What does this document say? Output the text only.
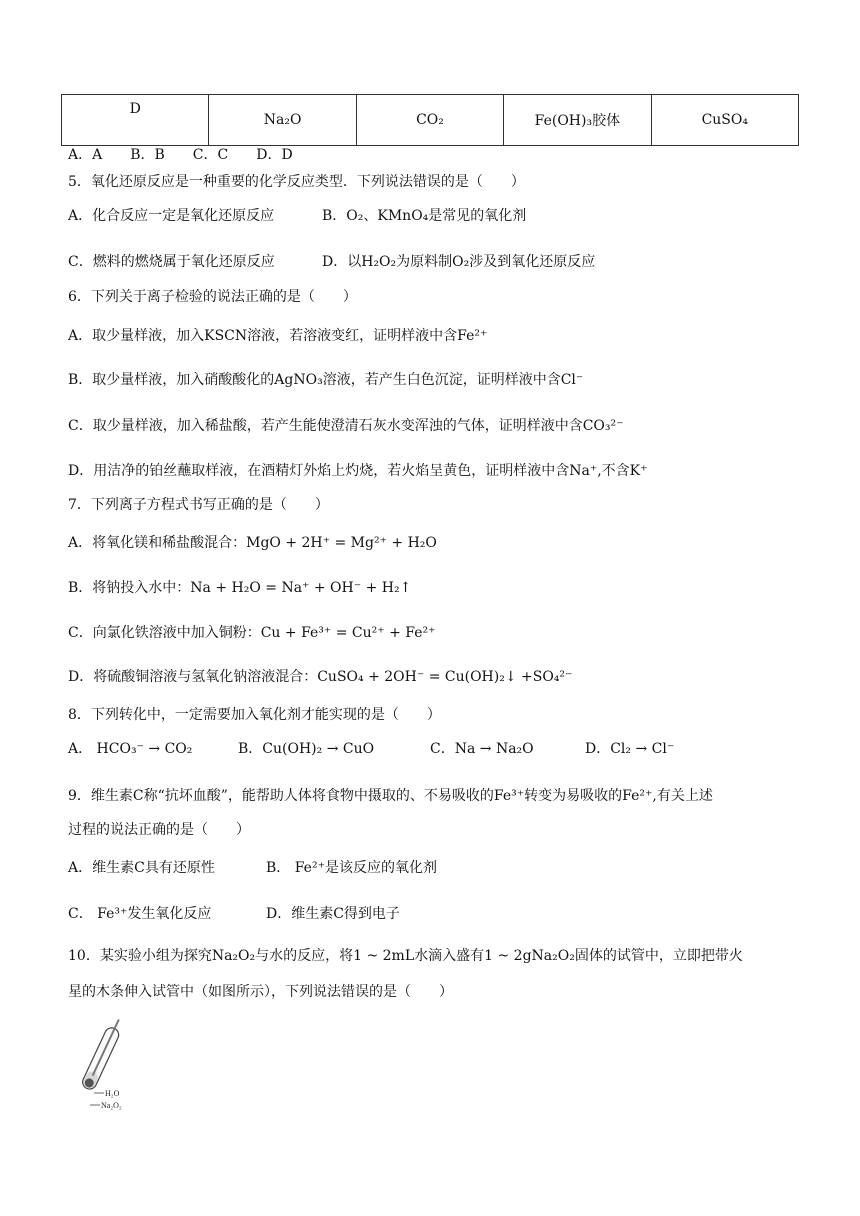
D	Na₂O	CO₂	Fe(OH)₃胶体	CuSO₄
A．A　　B．B　　C．C　　D．D
5．氧化还原反应是一种重要的化学反应类型．下列说法错误的是（　　）
A．化合反应一定是氧化还原反应	B．O₂、KMnO₄是常见的氧化剂
C．燃料的燃烧属于氧化还原反应	D．以H₂O₂为原料制O₂涉及到氧化还原反应
6．下列关于离子检验的说法正确的是（　　）
A．取少量样液，加入KSCN溶液，若溶液变红，证明样液中含Fe²⁺
B．取少量样液，加入硝酸酸化的AgNO₃溶液，若产生白色沉淀，证明样液中含Cl⁻
C．取少量样液，加入稀盐酸，若产生能使澄清石灰水变浑浊的气体，证明样液中含CO₃²⁻
D．用洁净的铂丝蘸取样液，在酒精灯外焰上灼烧，若火焰呈黄色，证明样液中含Na⁺,不含K⁺
7．下列离子方程式书写正确的是（　　）
A．将氧化镁和稀盐酸混合：MgO + 2H⁺ = Mg²⁺ + H₂O
B．将钠投入水中：Na + H₂O = Na⁺ + OH⁻ + H₂↑
C．向氯化铁溶液中加入铜粉：Cu + Fe³⁺ = Cu²⁺ + Fe²⁺
D．将硫酸铜溶液与氢氧化钠溶液混合：CuSO₄ + 2OH⁻ = Cu(OH)₂↓ +SO₄²⁻
8．下列转化中，一定需要加入氧化剂才能实现的是（　　）
A． HCO₃⁻ → CO₂	B．Cu(OH)₂ → CuO	C．Na → Na₂O	D．Cl₂ → Cl⁻
9．维生素C称“抗坏血酸”，能帮助人体将食物中摄取的、不易吸收的Fe³⁺转变为易吸收的Fe²⁺,有关上述
过程的说法正确的是（　　）
A．维生素C具有还原性	B． Fe²⁺是该反应的氧化剂
C． Fe³⁺发生氧化反应	D．维生素C得到电子
10．某实验小组为探究Na₂O₂与水的反应，将1 ~ 2mL水滴入盛有1 ~ 2gNa₂O₂固体的试管中，立即把带火
星的木条伸入试管中（如图所示），下列说法错误的是（　　）
H₂O
Na₂O₂
